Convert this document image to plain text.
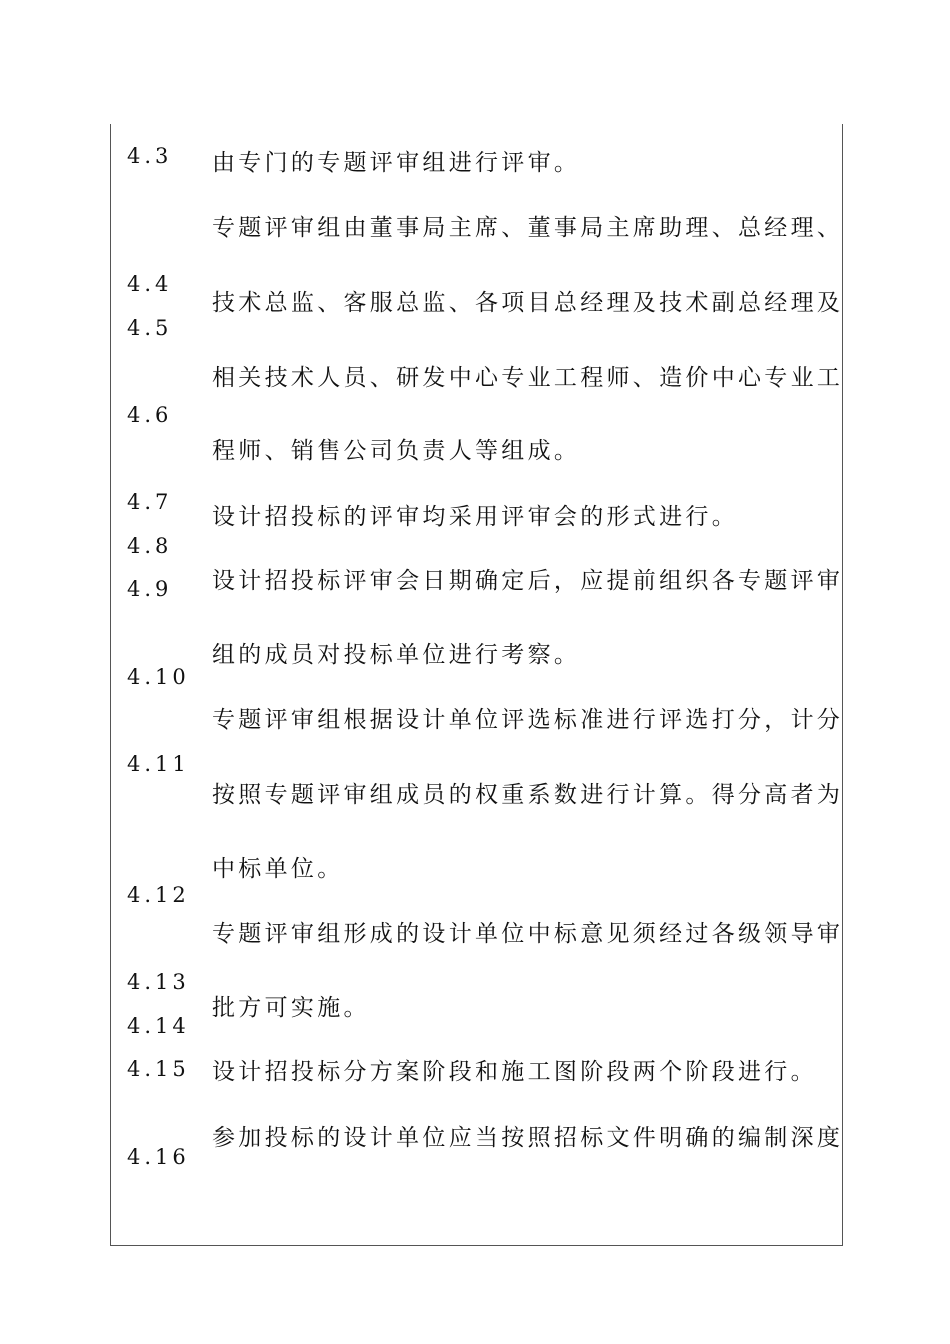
4.3
4.4
4.5
4.6
4.7
4.8
4.9
4.10
4.11
4.12
4.13
4.14
4.15
4.16
由专门的专题评审组进行评审。
专题评审组由董事局主席、董事局主席助理、总经理、
技术总监、客服总监、各项目总经理及技术副总经理及
相关技术人员、研发中心专业工程师、造价中心专业工
程师、销售公司负责人等组成。
设计招投标的评审均采用评审会的形式进行。
设计招投标评审会日期确定后，应提前组织各专题评审
组的成员对投标单位进行考察。
专题评审组根据设计单位评选标准进行评选打分，计分
按照专题评审组成员的权重系数进行计算。得分高者为
中标单位。
专题评审组形成的设计单位中标意见须经过各级领导审
批方可实施。
设计招投标分方案阶段和施工图阶段两个阶段进行。
参加投标的设计单位应当按照招标文件明确的编制深度
